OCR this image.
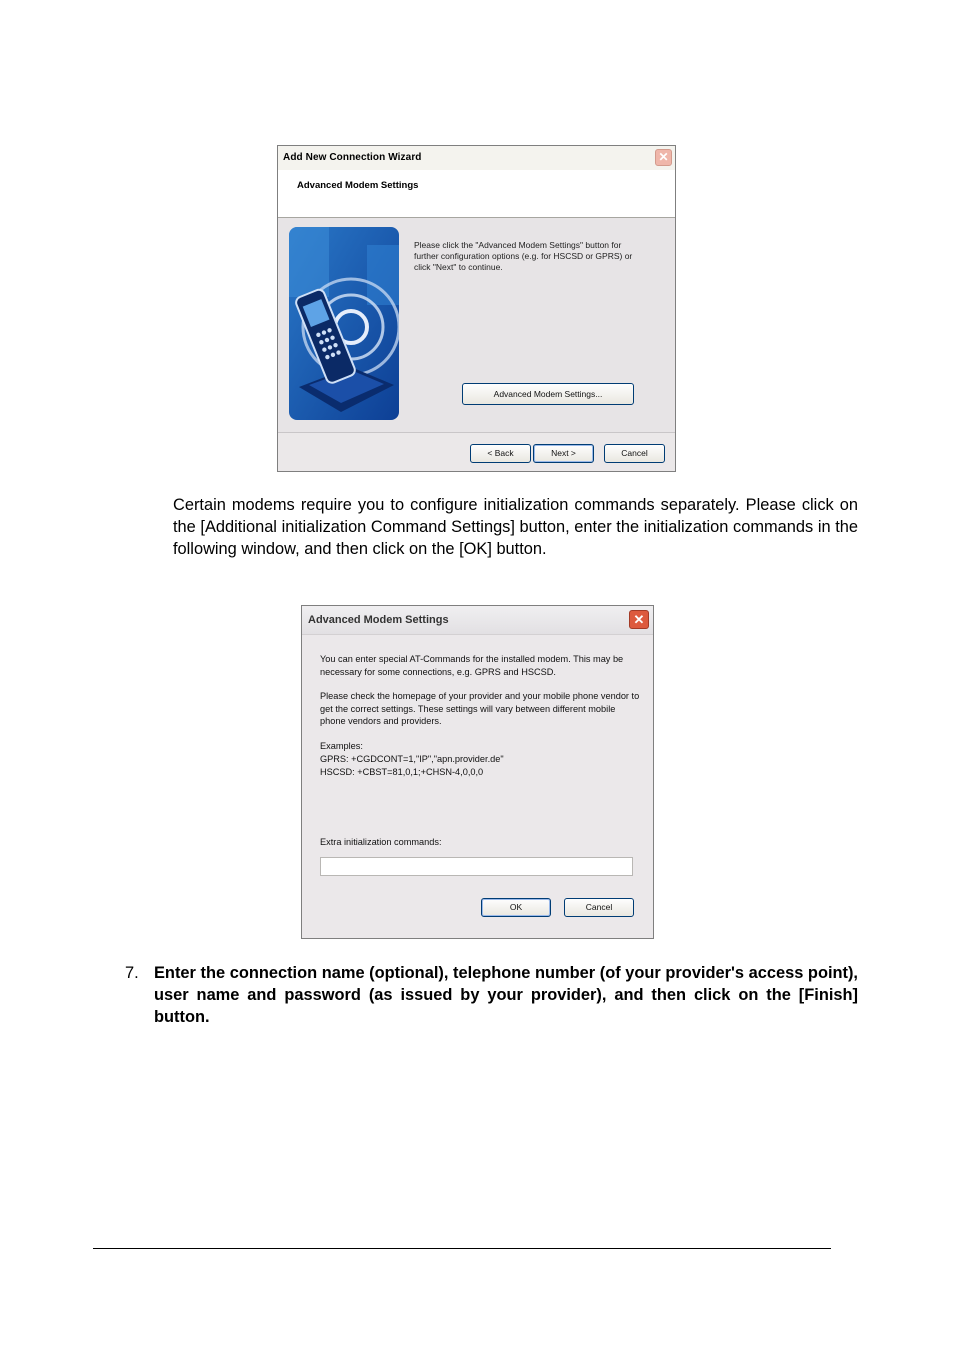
Add New Connection Wizard	✕
Advanced Modem Settings
Please click the "Advanced Modem Settings" button for further configuration options (e.g. for HSCSD or GPRS) or click "Next" to continue.
Advanced Modem Settings...
< Back	Next >	Cancel
Certain modems require you to configure initialization commands separately. Please click on the [Additional initialization Command Settings] button, enter the initialization commands in the following window, and then click on the [OK] button.
Advanced Modem Settings	✕
You can enter special AT-Commands for the installed modem. This may be necessary for some connections, e.g. GPRS and HSCSD.
Please check the homepage of your provider and your mobile phone vendor to get the correct settings. These settings will vary between different mobile phone vendors and providers.
Examples:
GPRS: +CGDCONT=1,"IP","apn.provider.de"
HSCSD: +CBST=81,0,1;+CHSN-4,0,0,0
Extra initialization commands:
OK	Cancel
7. Enter the connection name (optional), telephone number (of your provider's access point), user name and password (as issued by your provider), and then click on the [Finish] button.
